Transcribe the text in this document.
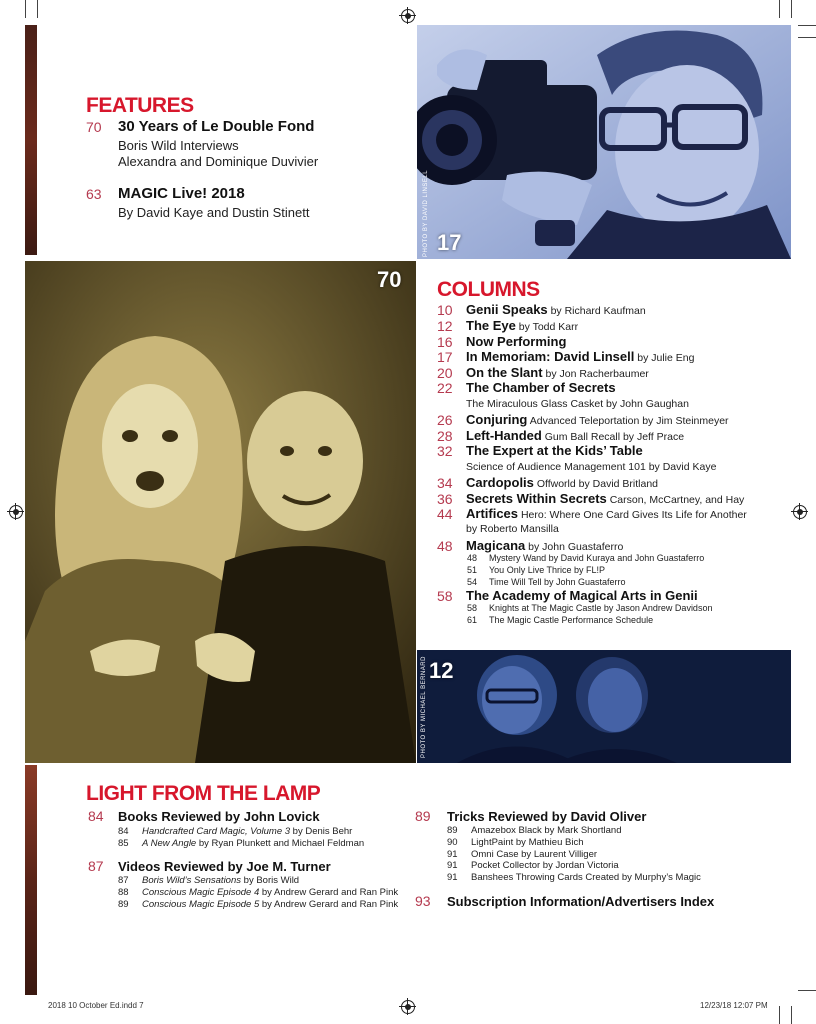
FEATURES
70 30 Years of Le Double Fond
Boris Wild Interviews
Alexandra and Dominique Duvivier
63 MAGIC Live! 2018
By David Kaye and Dustin Stinett
17
PHOTO BY DAVID LINSELL
70 COLUMNS
10	Genii Speaks by Richard Kaufman
12	The Eye by Todd Karr
16	Now Performing
17	In Memoriam: David Linsell by Julie Eng
20	On the Slant by Jon Racherbaumer
22	The Chamber of Secrets
The Miraculous Glass Casket by John Gaughan
26	Conjuring Advanced Teleportation by Jim Steinmeyer
28	Left-Handed Gum Ball Recall by Jeff Prace
32	The Expert at the Kids’ Table
Science of Audience Management 101 by David Kaye
34	Cardopolis Offworld by David Britland
36	Secrets Within Secrets Carson, McCartney, and Hay
44	Artifices Hero: Where One Card Gives Its Life for Another
by Roberto Mansilla
48	Magicana by John Guastaferro
48	Mystery Wand by David Kuraya and John Guastaferro
51	You Only Live Thrice by FL!P
54	Time Will Tell by John Guastaferro
58	The Academy of Magical Arts in Genii
58	Knights at The Magic Castle by Jason Andrew Davidson
61	The Magic Castle Performance Schedule
12
PHOTO BY MICHAEL BERNARD
LIGHT FROM THE LAMP
84 Books Reviewed by John Lovick
84 Handcrafted Card Magic, Volume 3 by Denis Behr
85 A New Angle by Ryan Plunkett and Michael Feldman
87 Videos Reviewed by Joe M. Turner
87 Boris Wild’s Sensations by Boris Wild
88 Conscious Magic Episode 4 by Andrew Gerard and Ran Pink
89 Conscious Magic Episode 5 by Andrew Gerard and Ran Pink
89 Tricks Reviewed by David Oliver
89 Amazebox Black by Mark Shortland
90 LightPaint by Mathieu Bich
91 Omni Case by Laurent Villiger
91 Pocket Collector by Jordan Victoria
91 Banshees Throwing Cards Created by Murphy’s Magic
93 Subscription Information/Advertisers Index
2018 10 October Ed.indd 7	12/23/18 12:07 PM
